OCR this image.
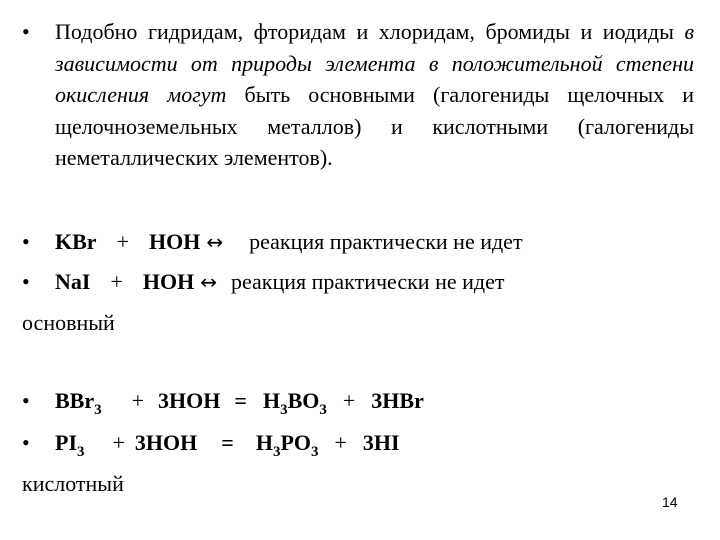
• Подобно гидридам, фторидам и хлоридам, бромиды и иодиды в зависимости от природы элемента в положительной степени окисления могут быть основными (галогениды щелочных и щелочноземельных металлов) и кислотными (галогениды неметаллических элементов).
• KBr + HOH ↔ реакция практически не идет
• NaI + HOH ↔ реакция практически не идет
основный
• $BBr_3 + 3HOH = H_3BO_3 + 3HBr$
• $PI_3 + 3HOH = H_3PO_3 + 3HI$
кислотный
14
